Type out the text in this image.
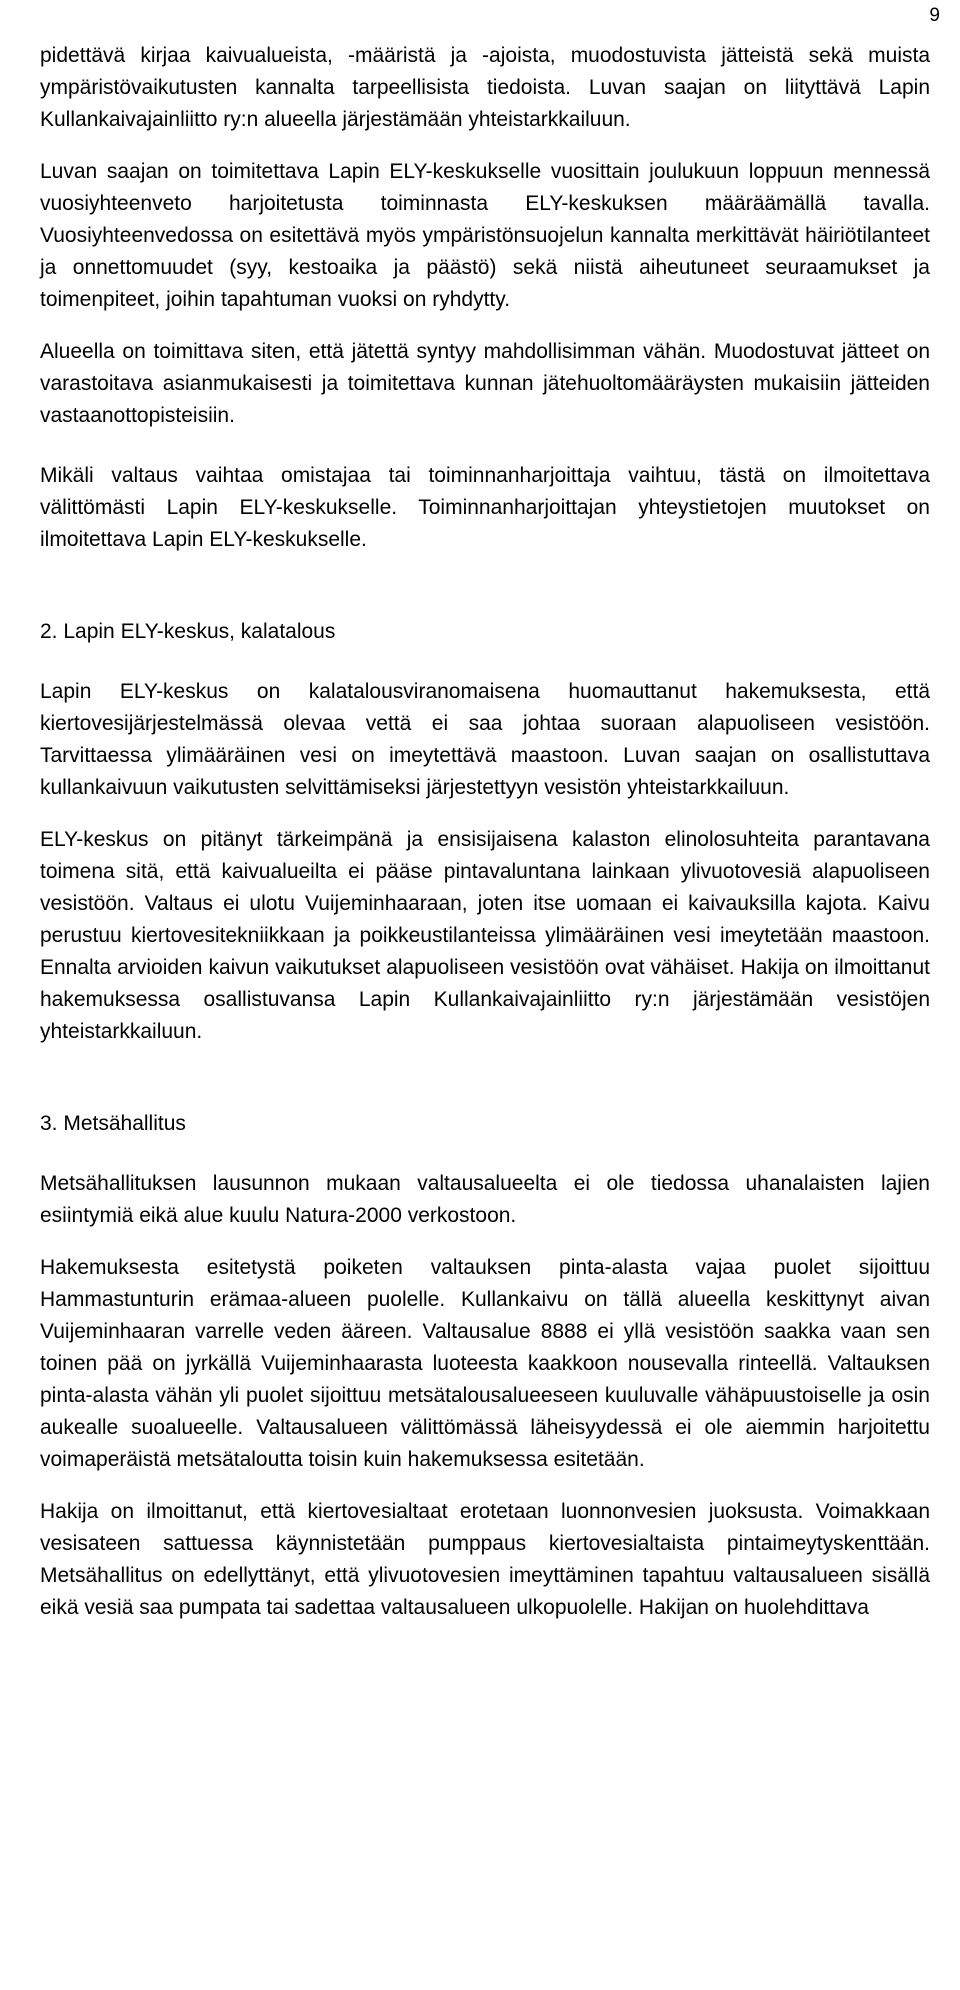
9

pidettävä kirjaa kaivualueista, -määristä ja -ajoista, muodostuvista jätteistä sekä muista ympäristövaikutusten kannalta tarpeellisista tiedoista. Luvan saajan on liityttävä Lapin Kullankaivajainliitto ry:n alueella järjestämään yhteistarkkailuun.

Luvan saajan on toimitettava Lapin ELY-keskukselle vuosittain joulukuun loppuun mennessä vuosiyhteenveto harjoitetusta toiminnasta ELY-keskuksen määräämällä tavalla. Vuosiyhteenvedossa on esitettävä myös ympäristönsuojelun kannalta merkittävät häiriötilanteet ja onnettomuudet (syy, kestoaika ja päästö) sekä niistä aiheutuneet seuraamukset ja toimenpiteet, joihin tapahtuman vuoksi on ryhdytty.

Alueella on toimittava siten, että jätettä syntyy mahdollisimman vähän. Muodostuvat jätteet on varastoitava asianmukaisesti ja toimitettava kunnan jätehuoltomääräysten mukaisiin jätteiden vastaanottopisteisiin.

Mikäli valtaus vaihtaa omistajaa tai toiminnanharjoittaja vaihtuu, tästä on ilmoitettava välittömästi Lapin ELY-keskukselle. Toiminnanharjoittajan yhteystietojen muutokset on ilmoitettava Lapin ELY-keskukselle.

2. Lapin ELY-keskus, kalatalous

Lapin ELY-keskus on kalatalousviranomaisena huomauttanut hakemuksesta, että kiertovesijärjestelmässä olevaa vettä ei saa johtaa suoraan alapuoliseen vesistöön. Tarvittaessa ylimääräinen vesi on imeytettävä maastoon. Luvan saajan on osallistuttava kullankaivuun vaikutusten selvittämiseksi järjestettyyn vesistön yhteistarkkailuun.

ELY-keskus on pitänyt tärkeimpänä ja ensisijaisena kalaston elinolosuhteita parantavana toimena sitä, että kaivualueilta ei pääse pintavaluntana lainkaan ylivuotovesiä alapuoliseen vesistöön. Valtaus ei ulotu Vuijeminhaaraan, joten itse uomaan ei kaivauksilla kajota. Kaivu perustuu kiertovesitekniikkaan ja poikkeustilanteissa ylimääräinen vesi imeytetään maastoon. Ennalta arvioiden kaivun vaikutukset alapuoliseen vesistöön ovat vähäiset. Hakija on ilmoittanut hakemuksessa osallistuvansa Lapin Kullankaivajainliitto ry:n järjestämään vesistöjen yhteistarkkailuun.

3. Metsähallitus

Metsähallituksen lausunnon mukaan valtausalueelta ei ole tiedossa uhanalaisten lajien esiintymiä eikä alue kuulu Natura-2000 verkostoon.

Hakemuksesta esitetystä poiketen valtauksen pinta-alasta vajaa puolet sijoittuu Hammastunturin erämaa-alueen puolelle. Kullankaivu on tällä alueella keskittynyt aivan Vuijeminhaaran varrelle veden ääreen. Valtausalue 8888 ei yllä vesistöön saakka vaan sen toinen pää on jyrkällä Vuijeminhaarasta luoteesta kaakkoon nousevalla rinteellä. Valtauksen pinta-alasta vähän yli puolet sijoittuu metsätalousalueeseen kuuluvalle vähäpuustoiselle ja osin aukealle suoalueelle. Valtausalueen välittömässä läheisyydessä ei ole aiemmin harjoitettu voimaperäistä metsätaloutta toisin kuin hakemuksessa esitetään.

Hakija on ilmoittanut, että kiertovesialtaat erotetaan luonnonvesien juoksusta. Voimakkaan vesisateen sattuessa käynnistetään pumppaus kiertovesialtaista pintaimeytyskenttään. Metsähallitus on edellyttänyt, että ylivuotovesien imeyttäminen tapahtuu valtausalueen sisällä eikä vesiä saa pumpata tai sadettaa valtausalueen ulkopuolelle. Hakijan on huolehdittava
